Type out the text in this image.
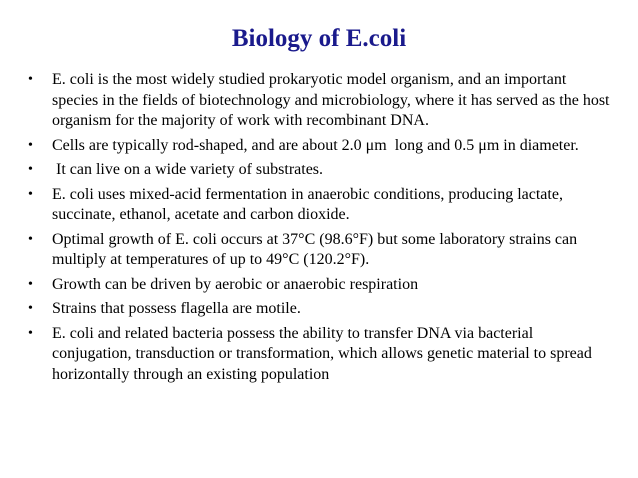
Biology of E.coli
• E. coli is the most widely studied prokaryotic model organism, and an important species in the fields of biotechnology and microbiology, where it has served as the host organism for the majority of work with recombinant DNA.
• Cells are typically rod-shaped, and are about 2.0 μm  long and 0.5 μm in diameter.
• It can live on a wide variety of substrates.
• E. coli uses mixed-acid fermentation in anaerobic conditions, producing lactate, succinate, ethanol, acetate and carbon dioxide.
• Optimal growth of E. coli occurs at 37°C (98.6°F) but some laboratory strains can multiply at temperatures of up to 49°C (120.2°F).
• Growth can be driven by aerobic or anaerobic respiration
• Strains that possess flagella are motile.
• E. coli and related bacteria possess the ability to transfer DNA via bacterial conjugation, transduction or transformation, which allows genetic material to spread horizontally through an existing population
